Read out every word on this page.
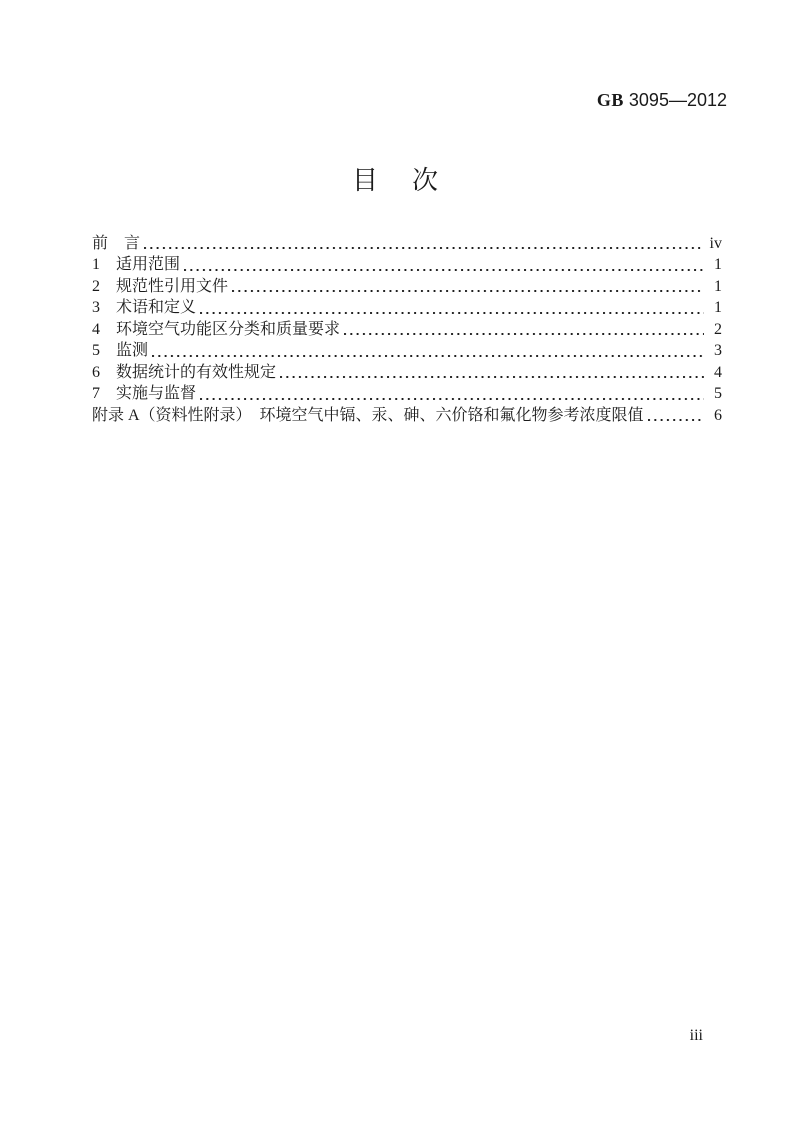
GB 3095—2012
目　次
前　言	iv
1　适用范围	1
2　规范性引用文件	1
3　术语和定义	1
4　环境空气功能区分类和质量要求	2
5　监测	3
6　数据统计的有效性规定	4
7　实施与监督	5
附录 A（资料性附录）　环境空气中镉、汞、砷、六价铬和氟化物参考浓度限值	6
iii
